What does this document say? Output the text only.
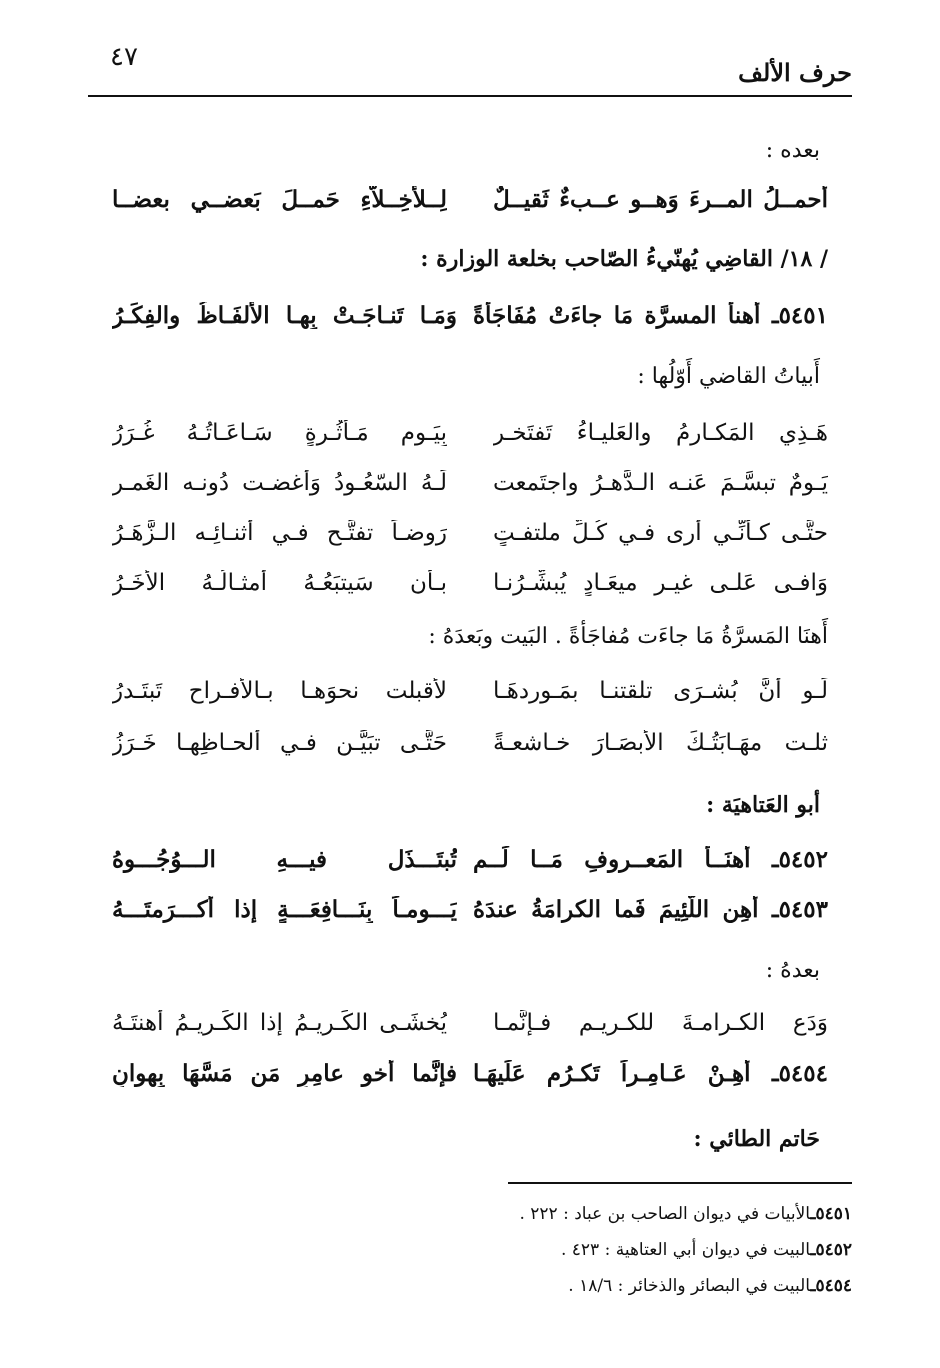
حرف الألف
٤٧
بعده :
أَحمــلُ المــرءَ وَهــو عــبءٌ ثَقيــلٌ
لِــلأَخِــلاَّءِ حَمــلَ بَعضــي بعضــا
/ ١٨/ القاضِي يُهنّيءُ الصّاحب بخلعة الوزارة :
٥٤٥١ـ أَهنأُ المسرَّة مَا جاءَتْ مُفَاجَأةً
وَمَـا تَنـاجَـتْ بِهـا الألفَـاظُ والفِكَـرُ
أَبياتُ القاضي أَوّلُها :
هَـذِي المَكـارِمُ والعَليـاءُ تَفتَخـر
بِيَـوم مَـأثُـرةٍ سَـاعَـاتُـهُ غُـرَرُ
يَـومٌ تبسَّـمَ عَنـه الـدَّهـرُ واجتَمعت
لَـهُ السّعُـودُ وَأغضـت دُونـه الغَمـر
حتَّـى كـأَنِّـي أَرى فـي كُـلِّ ملتفـتٍ
رَوضـاً تفتَّـح فـي أثنـائِـه الـزَّهَـرُ
وَافـى عَلـى غيـرِ ميعَـادٍ يُبشِّـرُنـا
بـأن سَيتبَعُـهُ أمثـالُـهُ الأُخَـرُ
أَهنَا المَسرَّةُ مَا جاءَت مُفاجَأةً . البَيت وبَعدَهُ :
لَـو أنَّ بُشـرَى تلقتنـا بمَـوردهَـا
لأَقبلت نحوَهـا بـالأفـراح تَبتَـدرُ
ثلـت مهَـابَتُـكَ الأَبصَـارَ خـاشعـةً
حَتَّـى تبَيَّـن فـي أَلحـاظِهـا خَـرَزُ
أبو العَتاهيَة :
٥٤٥٢ـ أَهنَــأُ المَعــروفِ مَــا لَــم
تُبتَـــذَل فيـــهِ الـــوُجُـــوهُ
٥٤٥٣ـ أَهِن اللَّئِيمَ فَما الكرامَةُ عندَهُ
يَـــومـاً بِنَـــافِعَـــةٍ إِذا أَكـــرَمتَـــهُ
بعدهُ :
وَدَع الكـرامـةَ للكـريـم فـإِنَّمـا
يُخشَـى الكَـريـمُ إذا الكَـريـمُ أَهنتَـهُ
٥٤٥٤ـ أَهِـنْ عَـامِـراً تَكـرُم عَلَيهَـا
فإِنَّما أَخو عامِرٍ مَن مَسَّهَا بِهوانِ
حَاتم الطائي :
٥٤٥١ـالأبيات في ديوان الصاحب بن عباد : ٢٢٢ .
٥٤٥٢ـالبيت في ديوان أبي العتاهية : ٤٢٣ .
٥٤٥٤ـالبيت في البصائر والذخائر : ١٨/٦ .
